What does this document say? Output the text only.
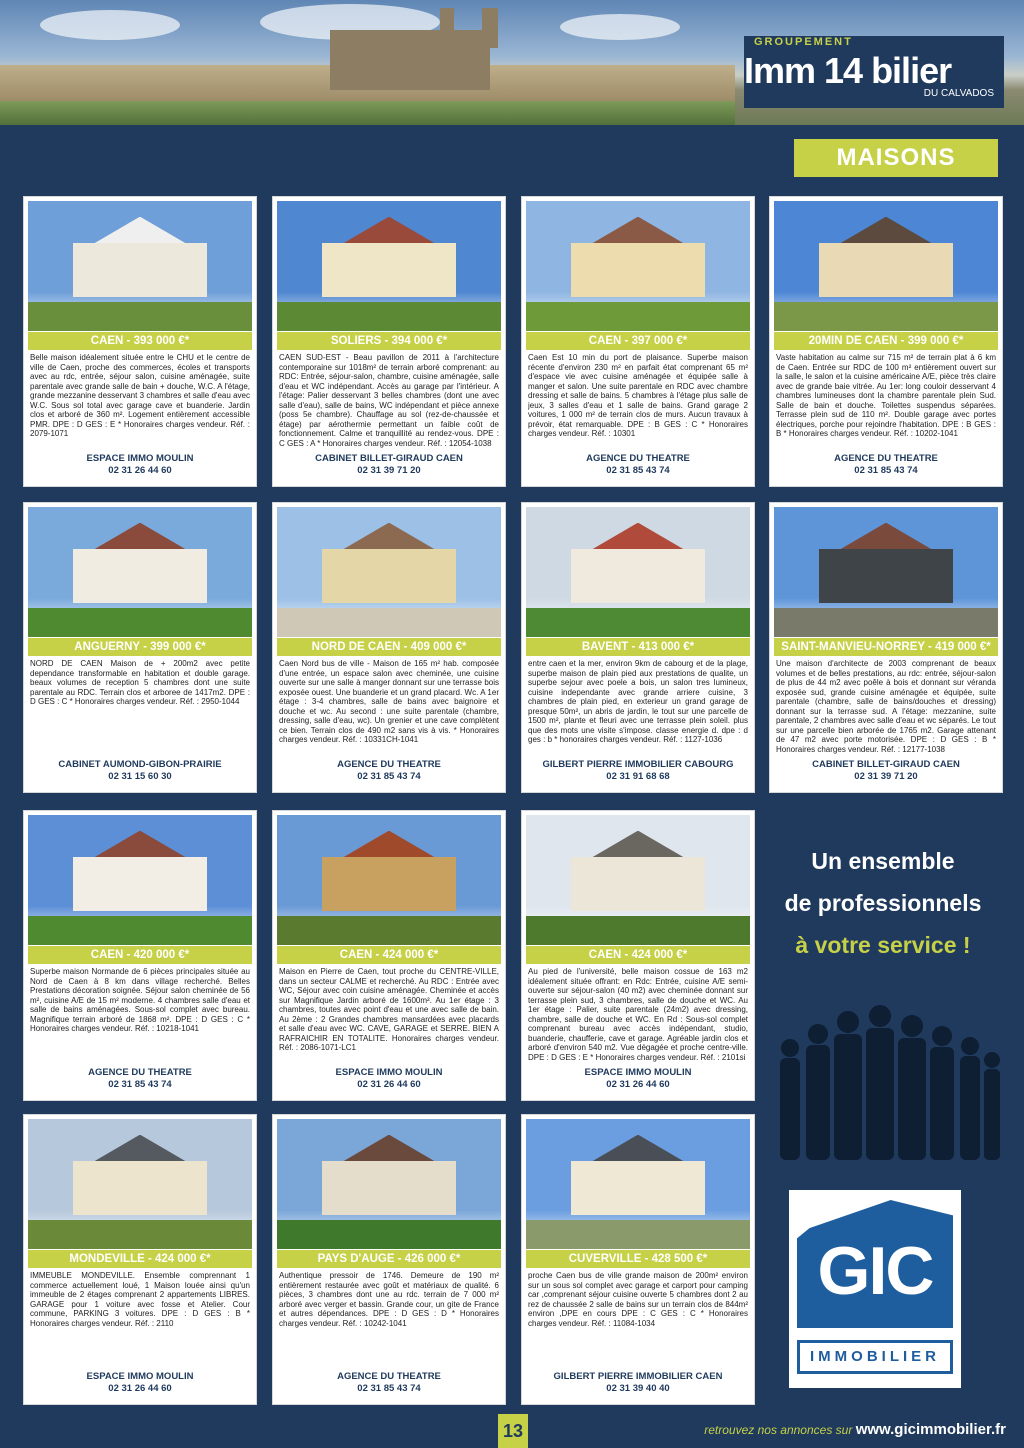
GROUPEMENT
Imm 14 bilier
DU CALVADOS
MAISONS
CAEN - 393 000 €*
Belle maison idéalement située entre le CHU et le centre de ville de Caen, proche des commerces, écoles et transports avec au rdc, entrée, séjour salon, cuisine aménagée, suite parentale avec grande salle de bain + douche, W.C. A l'étage, grande mezzanine desservant 3 chambres et salle d'eau avec W.C. Sous sol total avec garage cave et buanderie. Jardin clos et arboré de 360 m². Logement entièrement accessible PMR. DPE : D GES : E * Honoraires charges vendeur. Réf. : 2079-1071
ESPACE IMMO MOULIN
02 31 26 44 60
SOLIERS - 394 000 €*
CAEN SUD-EST - Beau pavillon de 2011 à l'architecture contemporaine sur 1018m² de terrain arboré comprenant: au RDC: Entrée, séjour-salon, chambre, cuisine aménagée, salle d'eau et WC indépendant. Accès au garage par l'intérieur. A l'étage: Palier desservant 3 belles chambres (dont une avec salle d'eau), salle de bains, WC indépendant et pièce annexe (poss 5e chambre). Chauffage au sol (rez-de-chaussée et étage) par aérothermie permettant un faible coût de fonctionnement. Calme et tranquillité au rendez-vous. DPE : C GES : A * Honoraires charges vendeur. Réf. : 12054-1038
CABINET BILLET-GIRAUD CAEN
02 31 39 71 20
CAEN - 397 000 €*
Caen Est 10 min du port de plaisance. Superbe maison récente d'environ 230 m² en parfait état comprenant 65 m² d'espace vie avec cuisine aménagée et équipée salle à manger et salon. Une suite parentale en RDC avec chambre dressing et salle de bains. 5 chambres à l'étage plus salle de jeux, 3 salles d'eau et 1 salle de bains. Grand garage 2 voitures, 1 000 m² de terrain clos de murs. Aucun travaux à prévoir, état remarquable. DPE : B GES : C * Honoraires charges vendeur. Réf. : 10301
AGENCE DU THEATRE
02 31 85 43 74
20MIN DE CAEN - 399 000 €*
Vaste habitation au calme sur 715 m² de terrain plat à 6 km de Caen. Entrée sur RDC de 100 m² entièrement ouvert sur la salle, le salon et la cuisine américaine A/E, pièce très claire avec de grande baie vitrée. Au 1er: long couloir desservant 4 chambres lumineuses dont la chambre parentale plein Sud. Salle de bain et douche. Toilettes suspendus séparées. Terrasse plein sud de 110 m². Double garage avec portes électriques, porche pour rejoindre l'habitation. DPE : B GES : B * Honoraires charges vendeur. Réf. : 10202-1041
AGENCE DU THEATRE
02 31 85 43 74
ANGUERNY - 399 000 €*
NORD DE CAEN Maison de + 200m2 avec petite dependance transformable en habitation et double garage. beaux volumes de reception 5 chambres dont une suite parentale au RDC. Terrain clos et arboree de 1417m2. DPE : D GES : C * Honoraires charges vendeur. Réf. : 2950-1044
CABINET AUMOND-GIBON-PRAIRIE
02 31 15 60 30
NORD DE CAEN - 409 000 €*
Caen Nord bus de ville - Maison de 165 m² hab. composée d'une entrée, un espace salon avec cheminée, une cuisine ouverte sur une salle à manger donnant sur une terrasse bois exposée ouest. Une buanderie et un grand placard. Wc. A 1er étage : 3-4 chambres, salle de bains avec baignoire et douche et wc. Au second : une suite parentale (chambre, dressing, salle d'eau, wc). Un grenier et une cave complètent ce bien. Terrain clos de 490 m2 sans vis à vis. * Honoraires charges vendeur. Réf. : 10331CH-1041
AGENCE DU THEATRE
02 31 85 43 74
BAVENT - 413 000 €*
entre caen et la mer, environ 9km de cabourg et de la plage, superbe maison de plain pied aux prestations de qualite, un superbe sejour avec poele a bois, un salon tres lumineux, cuisine independante avec grande arriere cuisine, 3 chambres de plain pied, en exterieur un grand garage de presque 50m², un abris de jardin, le tout sur une parcelle de 1500 m², plante et fleuri avec une terrasse plein soleil. plus que des mots une visite s'impose. classe energie d. dpe : d ges : b * honoraires charges vendeur. Réf. : 1127-1036
GILBERT PIERRE IMMOBILIER CABOURG
02 31 91 68 68
SAINT-MANVIEU-NORREY - 419 000 €*
Une maison d'architecte de 2003 comprenant de beaux volumes et de belles prestations, au rdc: entrée, séjour-salon de plus de 44 m2 avec poêle à bois et donnant sur véranda exposée sud, grande cuisine aménagée et équipée, suite parentale (chambre, salle de bains/douches et dressing) donnant sur la terrasse sud. A l'étage: mezzanine, suite parentale, 2 chambres avec salle d'eau et wc séparés. Le tout sur une parcelle bien arborée de 1765 m2. Garage attenant de 47 m2 avec porte motorisée. DPE : D GES : B * Honoraires charges vendeur. Réf. : 12177-1038
CABINET BILLET-GIRAUD CAEN
02 31 39 71 20
CAEN - 420 000 €*
Superbe maison Normande de 6 pièces principales située au Nord de Caen à 8 km dans village recherché. Belles Prestations décoration soignée. Séjour salon cheminée de 56 m², cuisine A/E de 15 m² moderne. 4 chambres salle d'eau et salle de bains aménagées. Sous-sol complet avec bureau. Magnifique terrain arboré de 1868 m². DPE : D GES : C * Honoraires charges vendeur. Réf. : 10218-1041
AGENCE DU THEATRE
02 31 85 43 74
CAEN - 424 000 €*
Maison en Pierre de Caen, tout proche du CENTRE-VILLE, dans un secteur CALME et recherché. Au RDC : Entrée avec WC, Séjour avec coin cuisine aménagée. Cheminée et accès sur Magnifique Jardin arboré de 1600m². Au 1er étage : 3 chambres, toutes avec point d'eau et une avec salle de bain. Au 2ème : 2 Grandes chambres mansardées avec placards et salle d'eau avec WC. CAVE, GARAGE et SERRE. BIEN A RAFRAICHIR EN TOTALITE. Honoraires charges vendeur. Réf. : 2086-1071-LC1
ESPACE IMMO MOULIN
02 31 26 44 60
CAEN - 424 000 €*
Au pied de l'université, belle maison cossue de 163 m2 idéalement située offrant: en Rdc: Entrée, cuisine A/E semi-ouverte sur séjour-salon (40 m2) avec cheminée donnant sur terrasse plein sud, 3 chambres, salle de douche et WC. Au 1er étage : Palier, suite parentale (24m2) avec dressing, chambre, salle de douche et WC. En Rd : Sous-sol complet comprenant bureau avec accès indépendant, studio, buanderie, chaufferie, cave et garage. Agréable jardin clos et arboré d'environ 540 m2. Vue dégagée et proche centre-ville. DPE : D GES : E * Honoraires charges vendeur. Réf. : 2101si
ESPACE IMMO MOULIN
02 31 26 44 60
MONDEVILLE - 424 000 €*
IMMEUBLE MONDEVILLE. Ensemble comprennant 1 commerce actuellement loué, 1 Maison louée ainsi qu'un immeuble de 2 étages comprenant 2 appartements LIBRES. GARAGE pour 1 voiture avec fosse et Atelier. Cour commune, PARKING 3 voitures. DPE : D GES : B * Honoraires charges vendeur. Réf. : 2110
ESPACE IMMO MOULIN
02 31 26 44 60
PAYS D'AUGE - 426 000 €*
Authentique pressoir de 1746. Demeure de 190 m² entièrement restaurée avec goût et matériaux de qualité. 6 pièces, 3 chambres dont une au rdc. terrain de 7 000 m² arboré avec verger et bassin. Grande cour, un gite de France et autres dépendances. DPE : D GES : D * Honoraires charges vendeur. Réf. : 10242-1041
AGENCE DU THEATRE
02 31 85 43 74
CUVERVILLE - 428 500 €*
proche Caen bus de ville grande maison de 200m² environ sur un sous sol complet avec garage et carport pour camping car ,comprenant séjour cuisine ouverte 5 chambres dont 2 au rez de chaussée 2 salle de bains sur un terrain clos de 844m² environ ,DPE en cours DPE : C GES : C * Honoraires charges vendeur. Réf. : 11084-1034
GILBERT PIERRE IMMOBILIER CAEN
02 31 39 40 40
Un ensemble
de professionnels
à votre service !
GIC
IMMOBILIER
13	retrouvez nos annonces sur www.gicimmobilier.fr
